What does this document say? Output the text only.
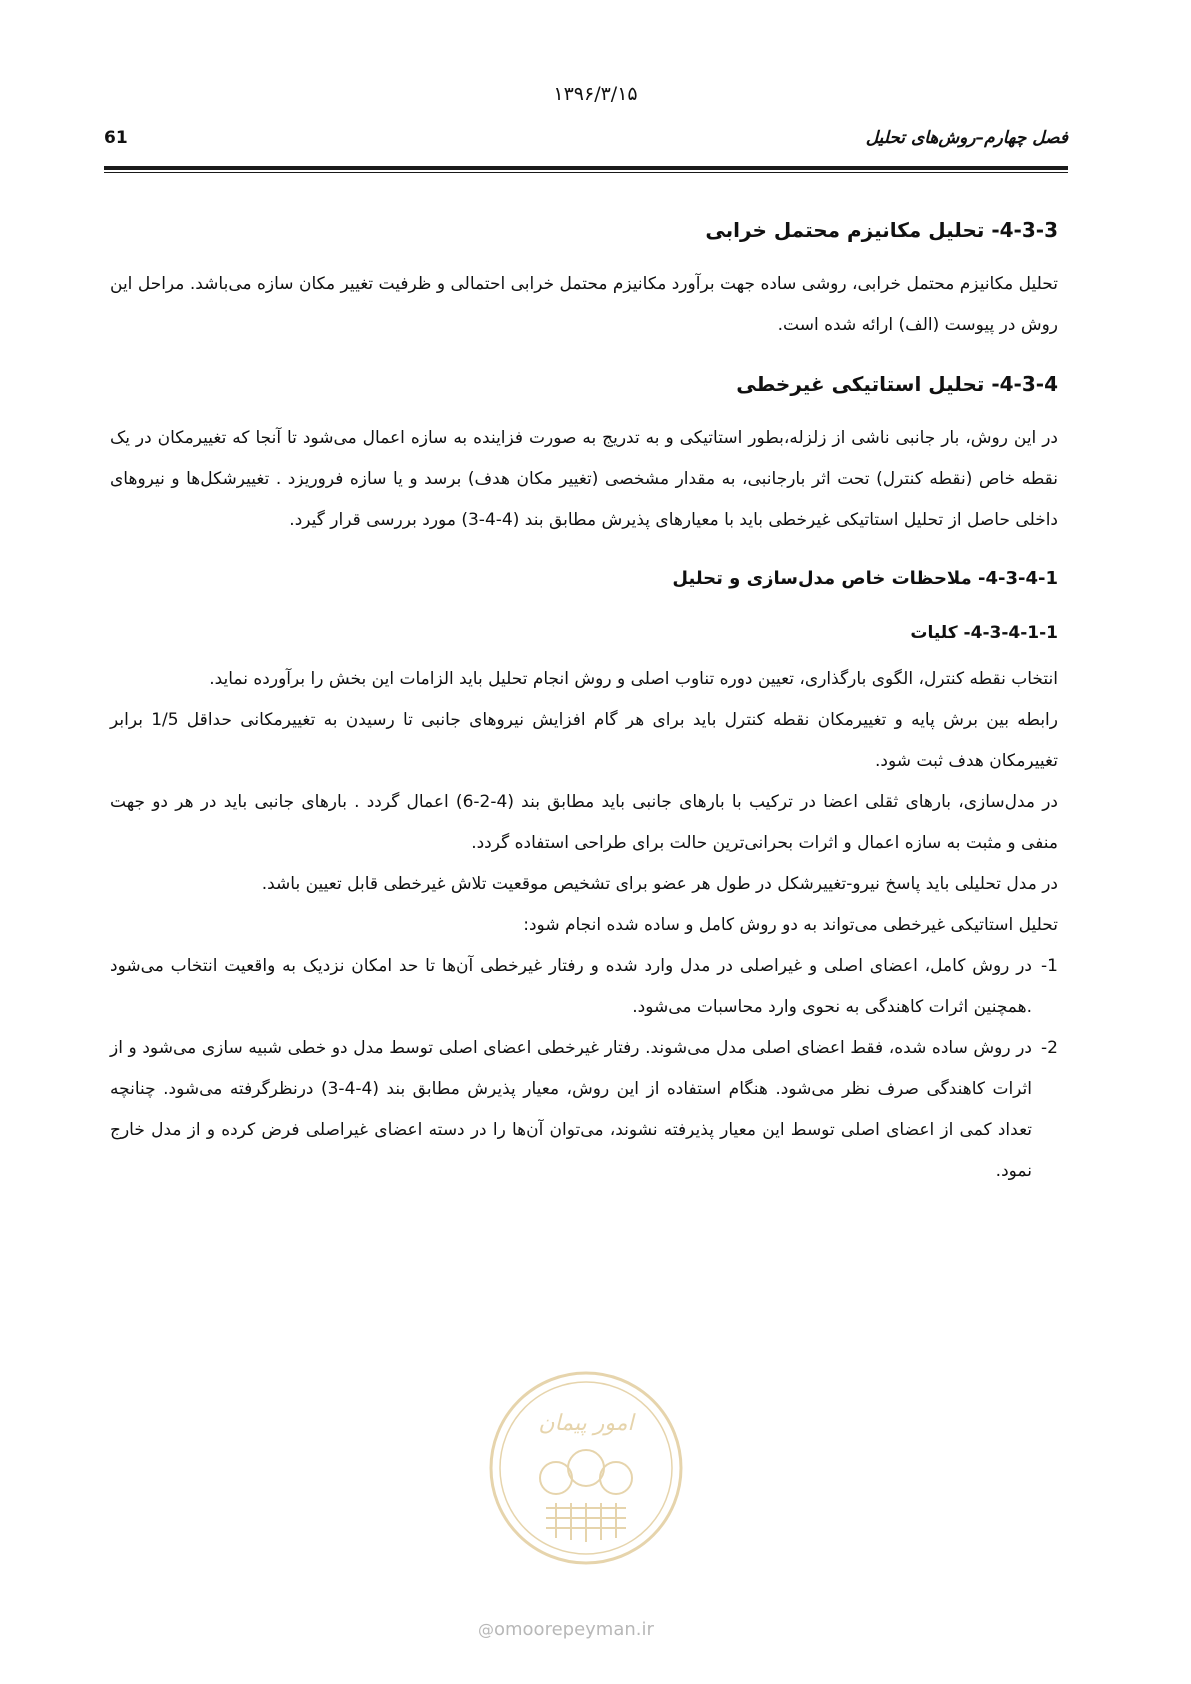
۱۳۹۶/۳/۱۵
61	فصل چهارم–روش‌های تحلیل
4-3-3- تحلیل مکانیزم محتمل خرابی

تحلیل مکانیزم محتمل خرابی، روشی ساده جهت برآورد مکانیزم محتمل خرابی احتمالی و ظرفیت تغییر مکان سازه می‌باشد. مراحل این روش در پیوست (الف) ارائه شده است.

4-3-4- تحلیل استاتیکی غیرخطی

در این روش، بار جانبی ناشی از زلزله،بطور استاتیکی و به تدریج به صورت فزاینده به سازه اعمال می‌شود تا آنجا که تغییرمکان در یک نقطه خاص (نقطه کنترل) تحت اثر بارجانبی، به مقدار مشخصی (تغییر مکان هدف) برسد و یا سازه فروریزد . تغییرشکل‌ها و نیروهای داخلی حاصل از تحلیل استاتیکی غیرخطی باید با معیارهای پذیرش مطابق بند (4-4-3) مورد بررسی قرار گیرد.

4-3-4-1- ملاحظات خاص مدل‌سازی و تحلیل
4-3-4-1-1- کلیات

انتخاب نقطه کنترل، الگوی بارگذاری، تعیین دوره تناوب اصلی و روش انجام تحلیل باید الزامات این بخش را برآورده نماید.

رابطه بین برش پایه و تغییرمکان نقطه کنترل باید برای هر گام افزایش نیروهای جانبی تا رسیدن به تغییرمکانی حداقل 1/5 برابر تغییرمکان هدف ثبت شود.

در مدل‌سازی، بارهای ثقلی اعضا در ترکیب با بارهای جانبی باید مطابق بند (4-2-6) اعمال گردد . بارهای جانبی باید در هر دو جهت منفی و مثبت به سازه اعمال و اثرات بحرانی‌ترین حالت برای طراحی استفاده گردد.

در مدل تحلیلی باید پاسخ نیرو-تغییرشکل در طول هر عضو برای تشخیص موقعیت تلاش غیرخطی قابل تعیین باشد.

تحلیل استاتیکی غیرخطی می‌تواند به دو روش کامل و ساده شده انجام شود:

1-
در روش کامل، اعضای اصلی و غیراصلی در مدل وارد شده و رفتار غیرخطی آن‌ها تا حد امکان نزدیک به واقعیت انتخاب می‌شود .همچنین اثرات کاهندگی به نحوی وارد محاسبات می‌شود.
2-
در روش ساده شده، فقط اعضای اصلی مدل می‌شوند. رفتار غیرخطی اعضای اصلی توسط مدل دو خطی شبیه سازی می‌شود و از اثرات کاهندگی صرف نظر می‌شود. هنگام استفاده از این روش، معیار پذیرش مطابق بند (4-4-3) درنظرگرفته می‌شود. چنانچه تعداد کمی از اعضای اصلی توسط این معیار پذیرفته نشوند، می‌توان آن‌ها را در دسته اعضای غیراصلی فرض کرده و از مدل خارج نمود.
امور پیمان
@omoorepeyman.ir
